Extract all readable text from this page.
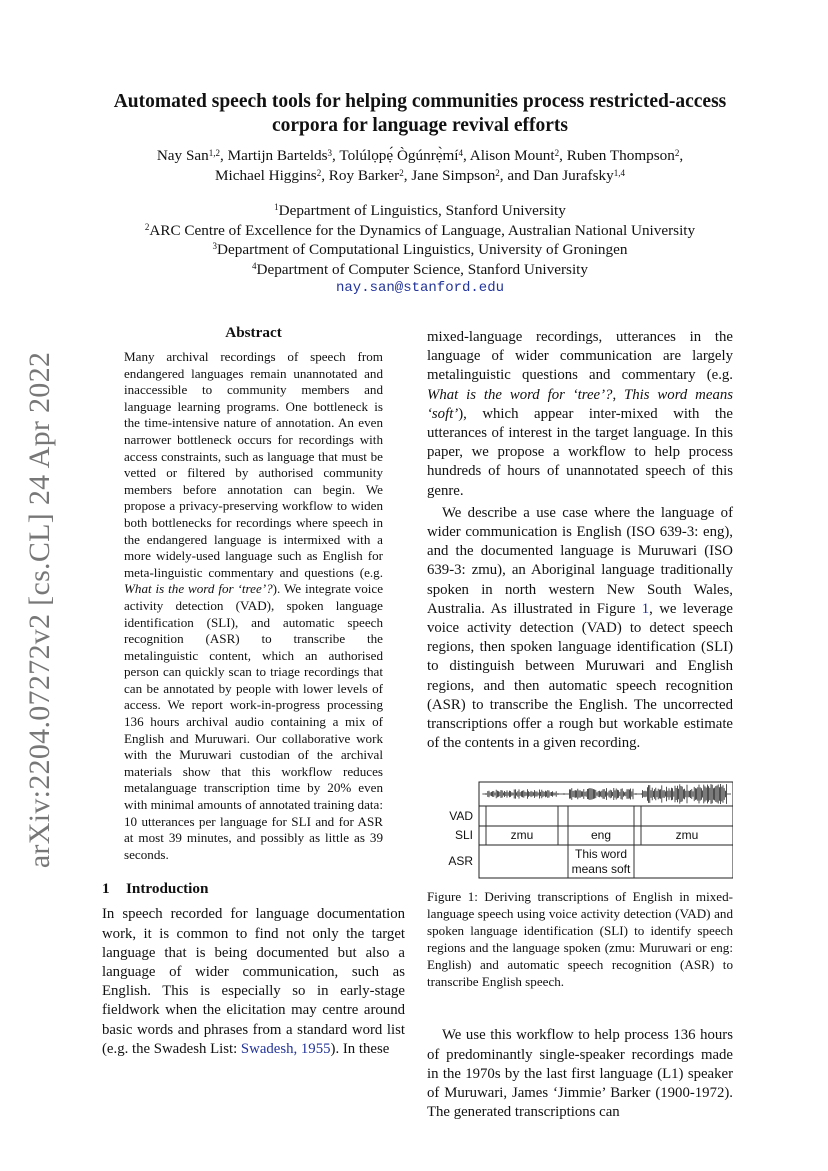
arXiv:2204.07272v2 [cs.CL] 24 Apr 2022
Automated speech tools for helping communities process restricted-access
corpora for language revival efforts
Nay San$^{1,2}$, Martijn Bartelds$^3$, Tolúlọpẹ́ $Ògúnrẹ̀mí^4$, Alison Mount$^2$, Ruben Thompson$^2$,
Michael Higgins$^2$, Roy Barker$^2$, Jane Simpson$^2$, and Dan Jurafsky$^{1,4}$
$^1$Department of Linguistics, Stanford University
$^2$ARC Centre of Excellence for the Dynamics of Language, Australian National University
$^3$Department of Computational Linguistics, University of Groningen
$^4$Department of Computer Science, Stanford University
nay.san@stanford.edu
Abstract

Many archival recordings of speech from endangered languages remain unannotated and inaccessible to community members and language learning programs. One bottleneck is the time-intensive nature of annotation. An even narrower bottleneck occurs for recordings with access constraints, such as language that must be vetted or filtered by authorised community members before annotation can begin. We propose a privacy-preserving workflow to widen both bottlenecks for recordings where speech in the endangered language is intermixed with a more widely-used language such as English for meta-linguistic commentary and questions (e.g. What is the word for ‘tree’?). We integrate voice activity detection (VAD), spoken language identification (SLI), and automatic speech recognition (ASR) to transcribe the metalinguistic content, which an authorised person can quickly scan to triage recordings that can be annotated by people with lower levels of access. We report work-in-progress processing 136 hours archival audio containing a mix of English and Muruwari. Our collaborative work with the Muruwari custodian of the archival materials show that this workflow reduces metalanguage transcription time by 20% even with minimal amounts of annotated training data: 10 utterances per language for SLI and for ASR at most 39 minutes, and possibly as little as 39 seconds.

1 Introduction

In speech recorded for language documentation work, it is common to find not only the target language that is being documented but also a language of wider communication, such as English. This is especially so in early-stage fieldwork when the elicitation may centre around basic words and phrases from a standard word list (e.g. the Swadesh List: Swadesh, 1955). In these

mixed-language recordings, utterances in the language of wider communication are largely metalinguistic questions and commentary (e.g. What is the word for ‘tree’?, This word means ‘soft’), which appear inter-mixed with the utterances of interest in the target language. In this paper, we propose a workflow to help process hundreds of hours of unannotated speech of this genre.

We describe a use case where the language of wider communication is English (ISO 639-3: eng), and the documented language is Muruwari (ISO 639-3: zmu), an Aboriginal language traditionally spoken in north western New South Wales, Australia. As illustrated in Figure 1, we leverage voice activity detection (VAD) to detect speech regions, then spoken language identification (SLI) to distinguish between Muruwari and English regions, and then automatic speech recognition (ASR) to transcribe the English. The uncorrected transcriptions offer a rough but workable estimate of the contents in a given recording.

VAD
SLI
ASR
zmu	eng	zmu
This word
means soft

Figure 1: Deriving transcriptions of English in mixed-language speech using voice activity detection (VAD) and spoken language identification (SLI) to identify speech regions and the language spoken (zmu: Muruwari or eng: English) and automatic speech recognition (ASR) to transcribe English speech.

We use this workflow to help process 136 hours of predominantly single-speaker recordings made in the 1970s by the last first language (L1) speaker of Muruwari, James ‘Jimmie’ Barker (1900-1972). The generated transcriptions can
